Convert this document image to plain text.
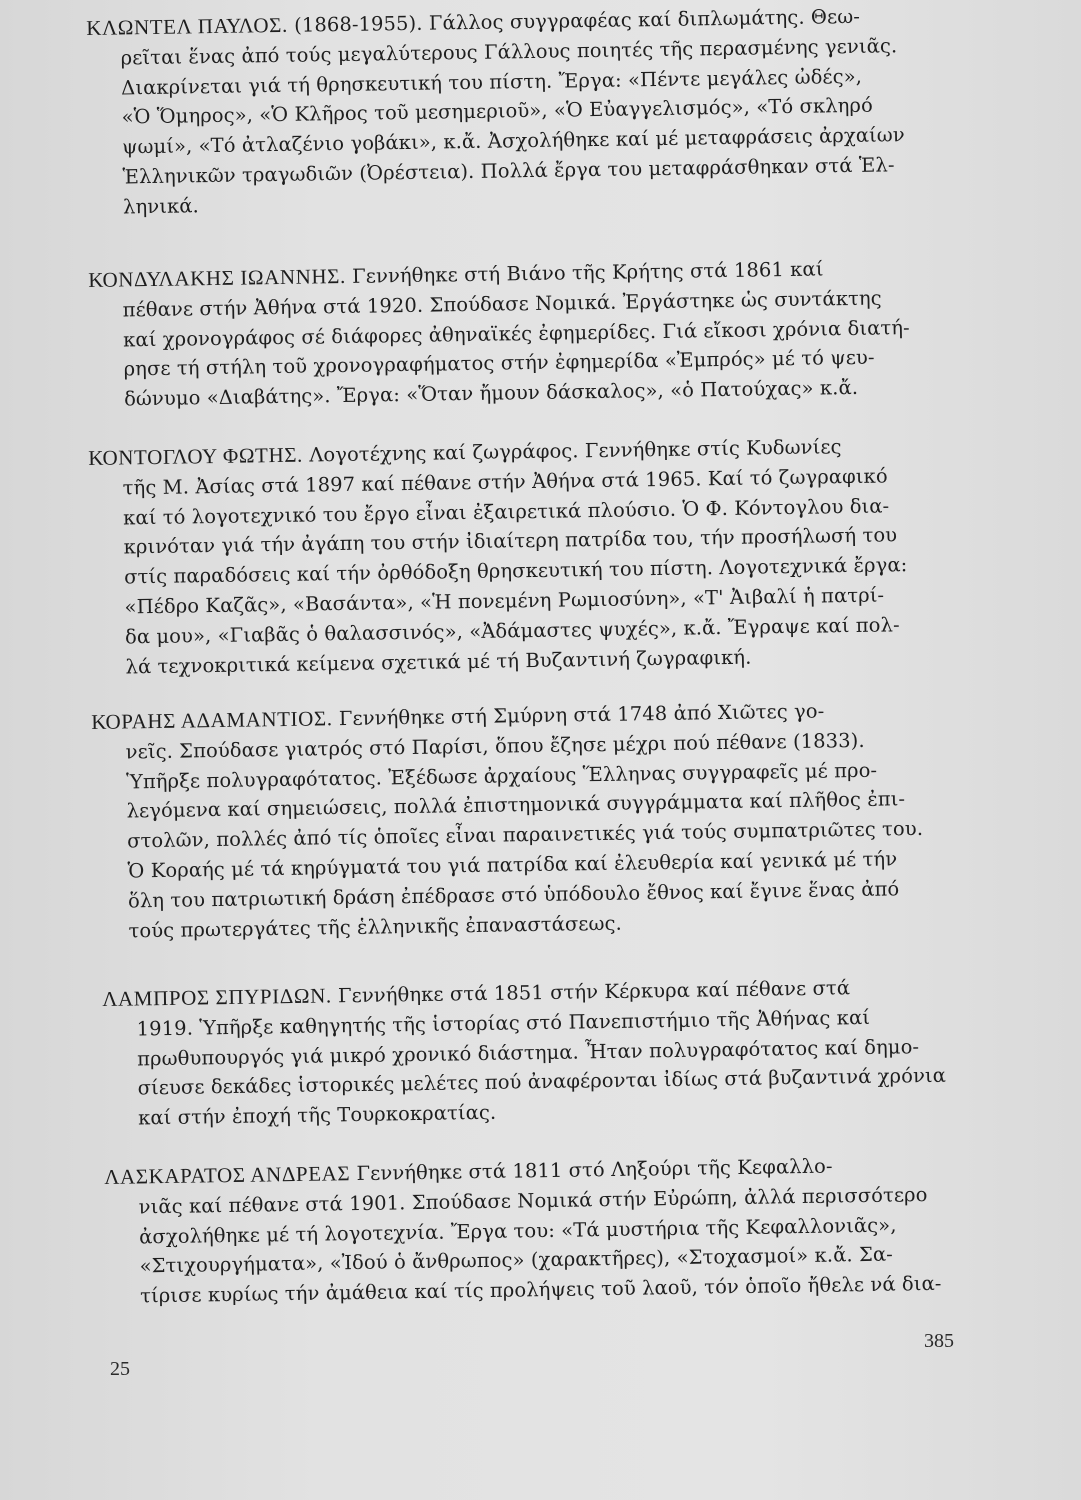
ΚΛΩΝΤΕΛ ΠΑΥΛΟΣ. (1868-1955). Γάλλος συγγραφέας καί διπλωμάτης. Θεω-
ρεῖται ἕνας ἀπό τούς μεγαλύτερους Γάλλους ποιητές τῆς περασμένης γενιᾶς.
Διακρίνεται γιά τή θρησκευτική του πίστη. Ἔργα: «Πέντε μεγάλες ὠδές»,
«Ὁ Ὅμηρος», «Ὁ Κλῆρος τοῦ μεσημεριοῦ», «Ὁ Εὐαγγελισμός», «Τό σκληρό
ψωμί», «Τό ἀτλαζένιο γοβάκι», κ.ἄ. Ἀσχολήθηκε καί μέ μεταφράσεις ἀρχαίων
Ἑλληνικῶν τραγωδιῶν (Ὀρέστεια). Πολλά ἔργα του μεταφράσθηκαν στά Ἑλ-
ληνικά.
ΚΟΝΔΥΛΑΚΗΣ ΙΩΑΝΝΗΣ. Γεννήθηκε στή Βιάνο τῆς Κρήτης στά 1861 καί
πέθανε στήν Ἀθήνα στά 1920. Σπούδασε Νομικά. Ἐργάστηκε ὡς συντάκτης
καί χρονογράφος σέ διάφορες ἀθηναϊκές ἐφημερίδες. Γιά εἴκοσι χρόνια διατή-
ρησε τή στήλη τοῦ χρονογραφήματος στήν ἐφημερίδα «Ἐμπρός» μέ τό ψευ-
δώνυμο «Διαβάτης». Ἔργα: «Ὅταν ἤμουν δάσκαλος», «ὁ Πατούχας» κ.ἄ.
ΚΟΝΤΟΓΛΟΥ ΦΩΤΗΣ. Λογοτέχνης καί ζωγράφος. Γεννήθηκε στίς Κυδωνίες
τῆς Μ. Ἀσίας στά 1897 καί πέθανε στήν Ἀθήνα στά 1965. Καί τό ζωγραφικό
καί τό λογοτεχνικό του ἔργο εἶναι ἐξαιρετικά πλούσιο. Ὁ Φ. Κόντογλου δια-
κρινόταν γιά τήν ἀγάπη του στήν ἰδιαίτερη πατρίδα του, τήν προσήλωσή του
στίς παραδόσεις καί τήν ὀρθόδοξη θρησκευτική του πίστη. Λογοτεχνικά ἔργα:
«Πέδρο Καζᾶς», «Βασάντα», «Ἡ πονεμένη Ρωμιοσύνη», «Τ' Ἀιβαλί ἡ πατρί-
δα μου», «Γιαβᾶς ὁ θαλασσινός», «Ἀδάμαστες ψυχές», κ.ἄ. Ἔγραψε καί πολ-
λά τεχνοκριτικά κείμενα σχετικά μέ τή Βυζαντινή ζωγραφική.
ΚΟΡΑΗΣ ΑΔΑΜΑΝΤΙΟΣ. Γεννήθηκε στή Σμύρνη στά 1748 ἀπό Χιῶτες γο-
νεῖς. Σπούδασε γιατρός στό Παρίσι, ὅπου ἔζησε μέχρι πού πέθανε (1833).
Ὑπῆρξε πολυγραφότατος. Ἐξέδωσε ἀρχαίους Ἕλληνας συγγραφεῖς μέ προ-
λεγόμενα καί σημειώσεις, πολλά ἐπιστημονικά συγγράμματα καί πλῆθος ἐπι-
στολῶν, πολλές ἀπό τίς ὁποῖες εἶναι παραινετικές γιά τούς συμπατριῶτες του.
Ὁ Κοραής μέ τά κηρύγματά του γιά πατρίδα καί ἐλευθερία καί γενικά μέ τήν
ὅλη του πατριωτική δράση ἐπέδρασε στό ὑπόδουλο ἔθνος καί ἔγινε ἕνας ἀπό
τούς πρωτεργάτες τῆς ἑλληνικῆς ἐπαναστάσεως.
ΛΑΜΠΡΟΣ ΣΠΥΡΙΔΩΝ. Γεννήθηκε στά 1851 στήν Κέρκυρα καί πέθανε στά
1919. Ὑπῆρξε καθηγητής τῆς ἱστορίας στό Πανεπιστήμιο τῆς Ἀθήνας καί
πρωθυπουργός γιά μικρό χρονικό διάστημα. Ἦταν πολυγραφότατος καί δημο-
σίευσε δεκάδες ἱστορικές μελέτες πού ἀναφέρονται ἰδίως στά βυζαντινά χρόνια
καί στήν ἐποχή τῆς Τουρκοκρατίας.
ΛΑΣΚΑΡΑΤΟΣ ΑΝΔΡΕΑΣ Γεννήθηκε στά 1811 στό Ληξούρι τῆς Κεφαλλο-
νιᾶς καί πέθανε στά 1901. Σπούδασε Νομικά στήν Εὐρώπη, ἀλλά περισσότερο
ἀσχολήθηκε μέ τή λογοτεχνία. Ἔργα του: «Τά μυστήρια τῆς Κεφαλλονιᾶς»,
«Στιχουργήματα», «Ἰδού ὁ ἄνθρωπος» (χαρακτῆρες), «Στοχασμοί» κ.ἄ. Σα-
τίρισε κυρίως τήν ἀμάθεια καί τίς προλήψεις τοῦ λαοῦ, τόν ὁποῖο ἤθελε νά δια-
25
385
